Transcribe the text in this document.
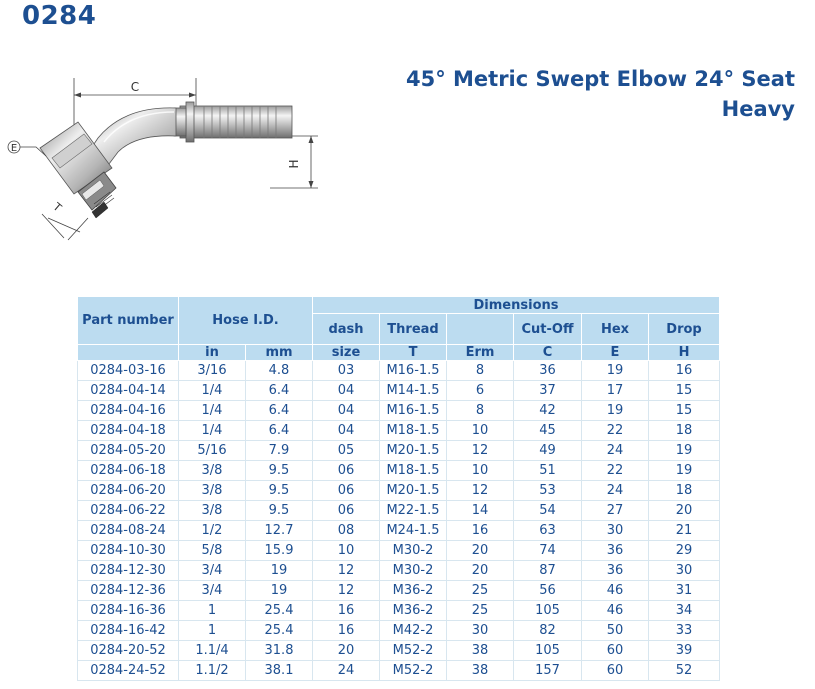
0284
45° Metric Swept Elbow 24° Seat
Heavy
C
H
E
T
Part number	Hose I.D.		Dimensions					
			dash	Thread		Cut-Off	Hex	Drop
	in	mm	size	T	Erm	C	E	H
0284-03-16	3/16	4.8	03	M16-1.5	8	36	19	16
0284-04-14	1/4	6.4	04	M14-1.5	6	37	17	15
0284-04-16	1/4	6.4	04	M16-1.5	8	42	19	15
0284-04-18	1/4	6.4	04	M18-1.5	10	45	22	18
0284-05-20	5/16	7.9	05	M20-1.5	12	49	24	19
0284-06-18	3/8	9.5	06	M18-1.5	10	51	22	19
0284-06-20	3/8	9.5	06	M20-1.5	12	53	24	18
0284-06-22	3/8	9.5	06	M22-1.5	14	54	27	20
0284-08-24	1/2	12.7	08	M24-1.5	16	63	30	21
0284-10-30	5/8	15.9	10	M30-2	20	74	36	29
0284-12-30	3/4	19	12	M30-2	20	87	36	30
0284-12-36	3/4	19	12	M36-2	25	56	46	31
0284-16-36	1	25.4	16	M36-2	25	105	46	34
0284-16-42	1	25.4	16	M42-2	30	82	50	33
0284-20-52	1.1/4	31.8	20	M52-2	38	105	60	39
0284-24-52	1.1/2	38.1	24	M52-2	38	157	60	52
